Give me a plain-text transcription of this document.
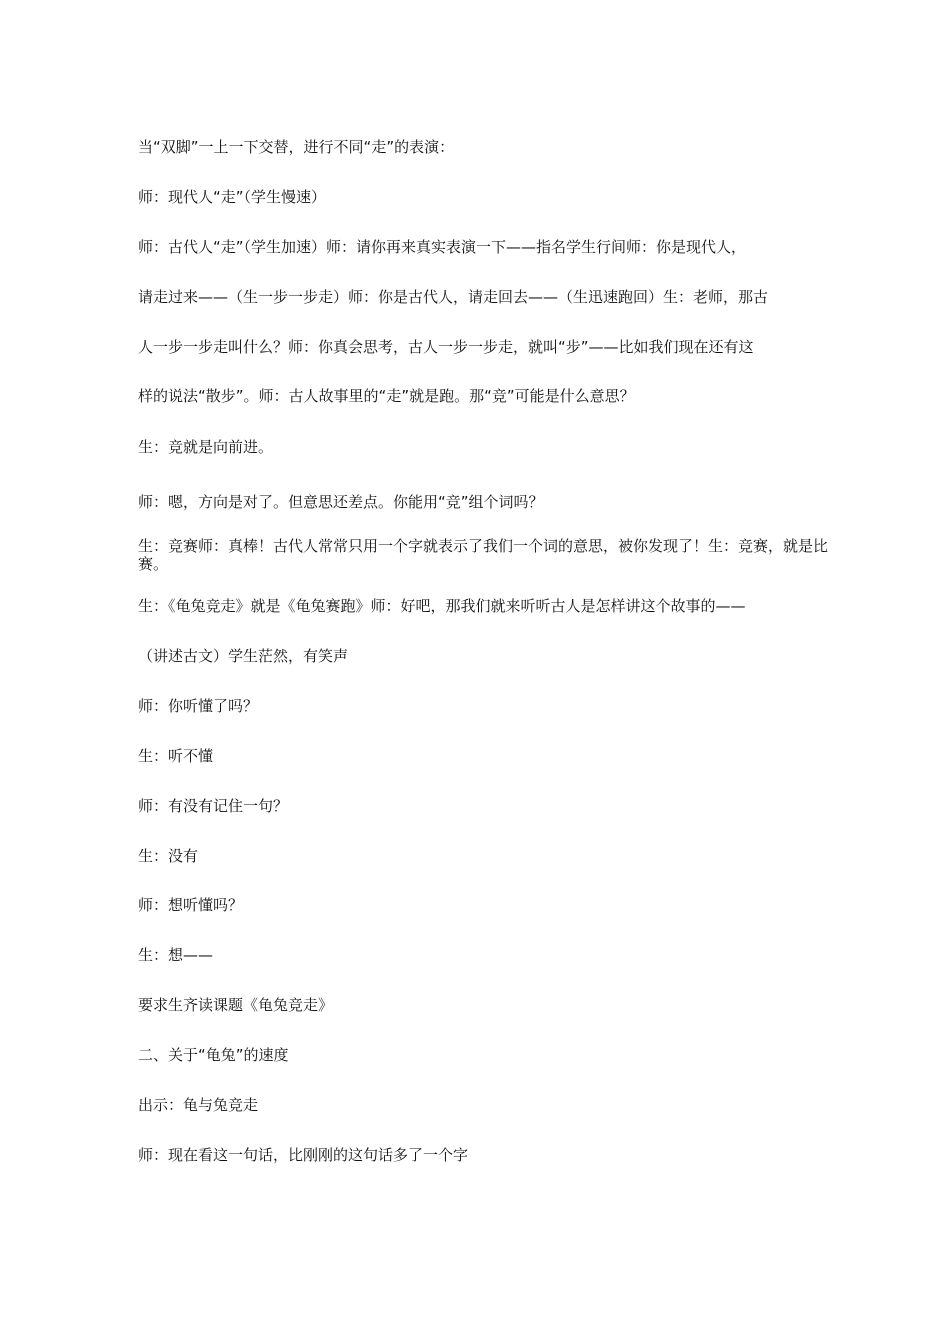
当“双脚”一上一下交替，进行不同“走”的表演：
师：现代人“走”（学生慢速）
师：古代人“走”（学生加速）师：请你再来真实表演一下——指名学生行间师：你是现代人，
请走过来——（生一步一步走）师：你是古代人，请走回去——（生迅速跑回）生：老师，那古
人一步一步走叫什么？师：你真会思考，古人一步一步走，就叫“步”——比如我们现在还有这
样的说法“散步”。师：古人故事里的“走”就是跑。那“竞”可能是什么意思？
生：竞就是向前进。
师：嗯，方向是对了。但意思还差点。你能用“竞”组个词吗？
生：竞赛师：真棒！古代人常常只用一个字就表示了我们一个词的意思，被你发现了！生：竞赛，就是比赛。
生：《龟兔竞走》就是《龟兔赛跑》师：好吧，那我们就来听听古人是怎样讲这个故事的——
（讲述古文）学生茫然，有笑声
师：你听懂了吗？
生：听不懂
师：有没有记住一句？
生：没有
师：想听懂吗？
生：想——
要求生齐读课题《龟兔竞走》
二、关于“龟兔”的速度
出示：龟与兔竞走
师：现在看这一句话，比刚刚的这句话多了一个字
